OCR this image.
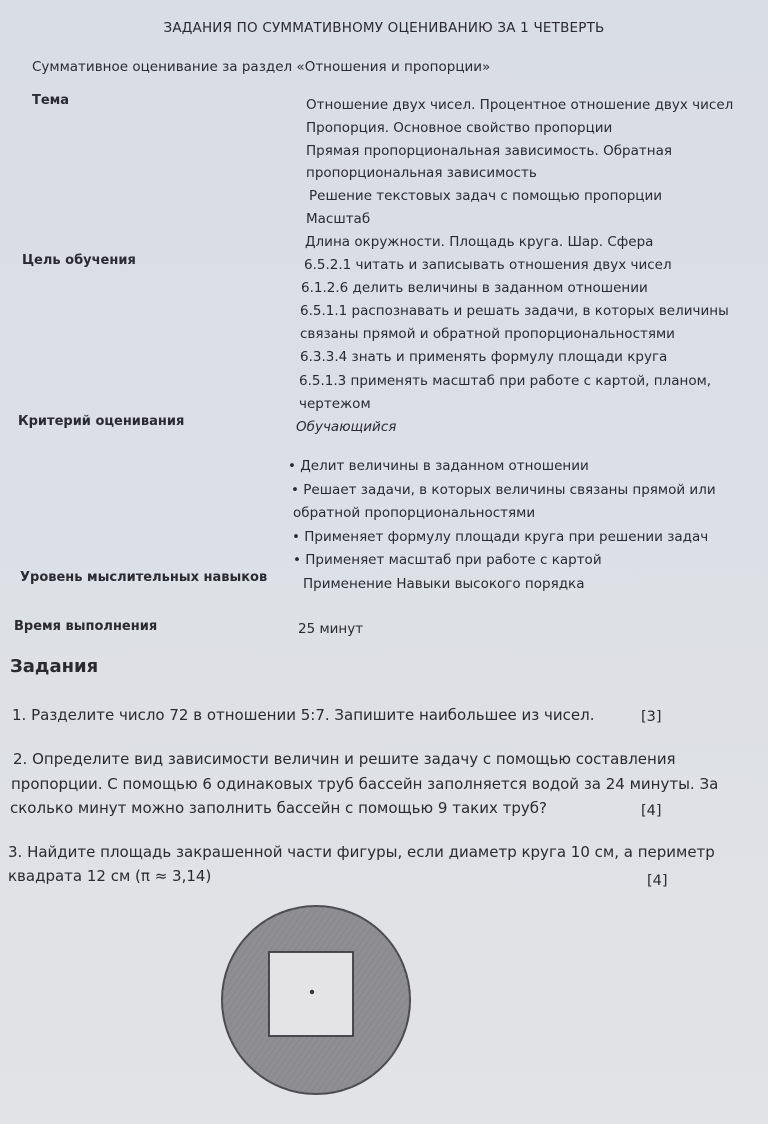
ЗАДАНИЯ ПО СУММАТИВНОМУ ОЦЕНИВАНИЮ ЗА 1 ЧЕТВЕРТЬ
Суммативное оценивание за раздел «Отношения и пропорции»
Тема	Отношение двух чисел. Процентное отношение двух чисел
Пропорция. Основное свойство пропорции
Прямая пропорциональная зависимость. Обратная
пропорциональная зависимость
Решение текстовых задач с помощью пропорции
Масштаб
Длина окружности. Площадь круга. Шар. Сфера
Цель обучения	6.5.2.1 читать и записывать отношения двух чисел
6.1.2.6 делить величины в заданном отношении
6.5.1.1 распознавать и решать задачи, в которых величины
связаны прямой и обратной пропорциональностями
6.3.3.4 знать и применять формулу площади круга
6.5.1.3 применять масштаб при работе с картой, планом,
чертежом
Критерий оценивания	Обучающийся
• Делит величины в заданном отношении
• Решает задачи, в которых величины связаны прямой или
обратной пропорциональностями
• Применяет формулу площади круга при решении задач
• Применяет масштаб при работе с картой
Уровень мыслительных навыков	Применение Навыки высокого порядка
Время выполнения	25 минут
Задания
1. Разделите число 72 в отношении 5:7. Запишите наибольшее из чисел.	[3]
2. Определите вид зависимости величин и решите задачу с помощью составления
пропорции. С помощью 6 одинаковых труб бассейн заполняется водой за 24 минуты. За
сколько минут можно заполнить бассейн с помощью 9 таких труб?	[4]
3. Найдите площадь закрашенной части фигуры, если диаметр круга 10 см, а периметр
квадрата 12 см (π ≈ 3,14)	[4]
